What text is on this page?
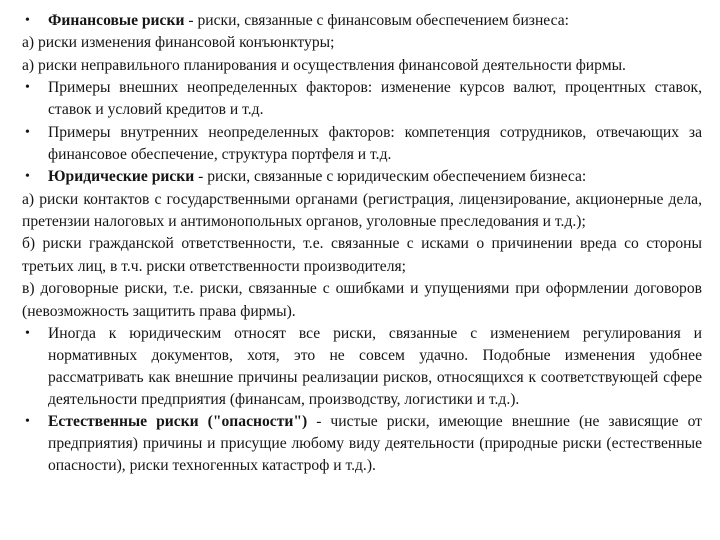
• Финансовые риски - риски, связанные с финансовым обеспечением бизнеса:

а) риски изменения финансовой конъюнктуры;

а) риски неправильного планирования и осуществления финансовой деятельности фирмы.

• Примеры внешних неопределенных факторов: изменение курсов валют, процентных ставок, ставок и условий кредитов и т.д.

• Примеры внутренних неопределенных факторов: компетенция сотрудников, отвечающих за финансовое обеспечение, структура портфеля и т.д.

• Юридические риски - риски, связанные с юридическим обеспечением бизнеса:

а) риски контактов с государственными органами (регистрация, лицензирование, акционерные дела, претензии налоговых и антимонопольных органов, уголовные преследования и т.д.);

б) риски гражданской ответственности, т.е. связанные с исками о причинении вреда со стороны третьих лиц, в т.ч. риски ответственности производителя;

в) договорные риски, т.е. риски, связанные с ошибками и упущениями при оформлении договоров (невозможность защитить права фирмы).

• Иногда к юридическим относят все риски, связанные с изменением регулирования и нормативных документов, хотя, это не совсем удачно. Подобные изменения удобнее рассматривать как внешние причины реализации рисков, относящихся к соответствующей сфере деятельности предприятия (финансам, производству, логистики и т.д.).

• Естественные риски ("опасности") - чистые риски, имеющие внешние (не зависящие от предприятия) причины и присущие любому виду деятельности (природные риски (естественные опасности), риски техногенных катастроф и т.д.).
